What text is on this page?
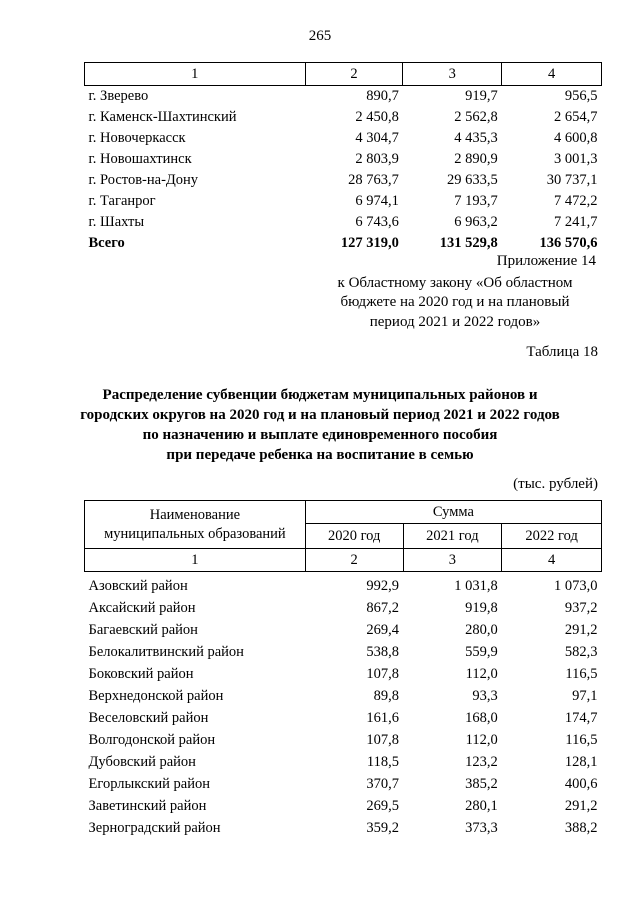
265
1	2	3	4
г. Зверево	890,7	919,7	956,5
г. Каменск-Шахтинский	2 450,8	2 562,8	2 654,7
г. Новочеркасск	4 304,7	4 435,3	4 600,8
г. Новошахтинск	2 803,9	2 890,9	3 001,3
г. Ростов-на-Дону	28 763,7	29 633,5	30 737,1
г. Таганрог	6 974,1	7 193,7	7 472,2
г. Шахты	6 743,6	6 963,2	7 241,7
Всего	127 319,0	131 529,8	136 570,6
Приложение 14
к Областному закону «Об областном
бюджете на 2020 год и на плановый
период 2021 и 2022 годов»
Таблица 18
Распределение субвенции бюджетам муниципальных районов и
городских округов на 2020 год и на плановый период 2021 и 2022 годов
по назначению и выплате единовременного пособия
при передаче ребенка на воспитание в семью
(тыс. рублей)
Наименование
муниципальных образований	Сумма		
	2020 год	2021 год	2022 год
1	2	3	4
Азовский район	992,9	1 031,8	1 073,0
Аксайский район	867,2	919,8	937,2
Багаевский район	269,4	280,0	291,2
Белокалитвинский район	538,8	559,9	582,3
Боковский район	107,8	112,0	116,5
Верхнедонской район	89,8	93,3	97,1
Веселовский район	161,6	168,0	174,7
Волгодонской район	107,8	112,0	116,5
Дубовский район	118,5	123,2	128,1
Егорлыкский район	370,7	385,2	400,6
Заветинский район	269,5	280,1	291,2
Зерноградский район	359,2	373,3	388,2
